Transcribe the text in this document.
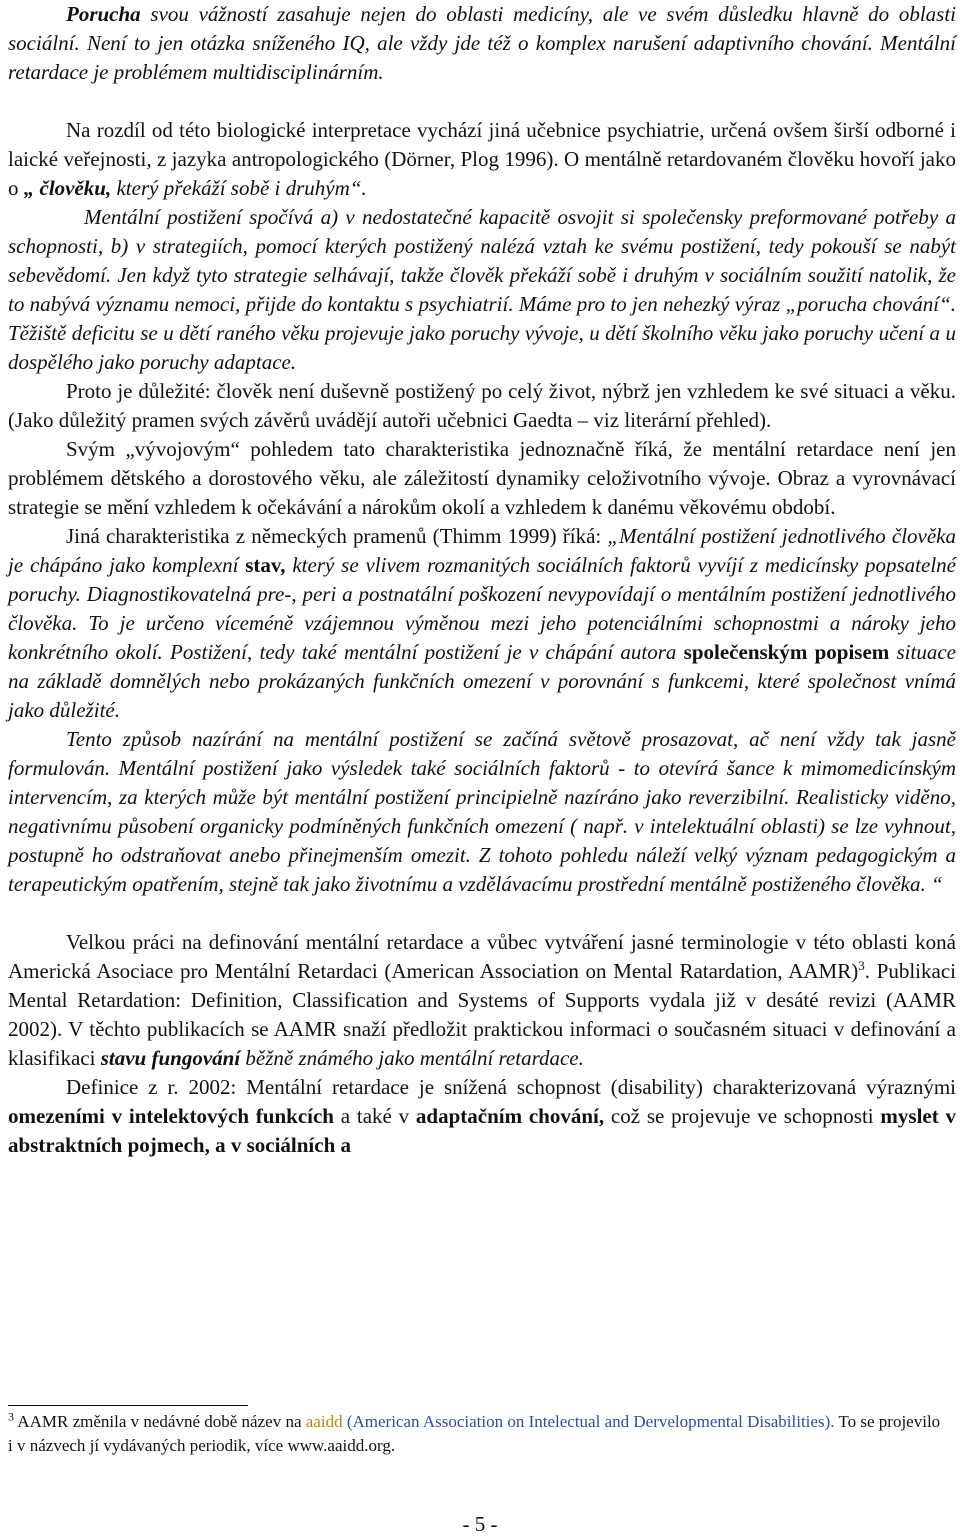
Porucha svou vážností zasahuje nejen do oblasti medicíny, ale ve svém důsledku hlavně do oblasti sociální. Není to jen otázka sníženého IQ, ale vždy jde též o komplex narušení adaptivního chování. Mentální retardace je problémem multidisciplinárním.

Na rozdíl od této biologické interpretace vychází jiná učebnice psychiatrie, určená ovšem širší odborné i laické veřejnosti, z jazyka antropologického (Dörner, Plog 1996). O mentálně retardovaném člověku hovoří jako o „ člověku, který překáží sobě i druhým“.

Mentální postižení spočívá a) v nedostatečné kapacitě osvojit si společensky preformované potřeby a schopnosti, b) v strategiích, pomocí kterých postižený nalézá vztah ke svému postižení, tedy pokouší se nabýt sebevědomí. Jen když tyto strategie selhávají, takže člověk překáží sobě i druhým v sociálním soužití natolik, že to nabývá významu nemoci, přijde do kontaktu s psychiatrií. Máme pro to jen nehezký výraz „porucha chování“. Těžiště deficitu se u dětí raného věku projevuje jako poruchy vývoje, u dětí školního věku jako poruchy učení a u dospělého jako poruchy adaptace.

Proto je důležité: člověk není duševně postižený po celý život, nýbrž jen vzhledem ke své situaci a věku. (Jako důležitý pramen svých závěrů uvádějí autoři učebnici Gaedta – viz literární přehled).

Svým „vývojovým“ pohledem tato charakteristika jednoznačně říká, že mentální retardace není jen problémem dětského a dorostového věku, ale záležitostí dynamiky celoživotního vývoje. Obraz a vyrovnávací strategie se mění vzhledem k očekávání a nárokům okolí a vzhledem k danému věkovému období.

Jiná charakteristika z německých pramenů (Thimm 1999) říká: „Mentální postižení jednotlivého člověka je chápáno jako komplexní stav, který se vlivem rozmanitých sociálních faktorů vyvíjí z medicínsky popsatelné poruchy. Diagnostikovatelná pre-, peri a postnatální poškození nevypovídají o mentálním postižení jednotlivého člověka. To je určeno víceméně vzájemnou výměnou mezi jeho potenciálními schopnostmi a nároky jeho konkrétního okolí. Postižení, tedy také mentální postižení je v chápání autora společenským popisem situace na základě domnělých nebo prokázaných funkčních omezení v porovnání s funkcemi, které společnost vnímá jako důležité.

Tento způsob nazírání na mentální postižení se začíná světově prosazovat, ač není vždy tak jasně formulován. Mentální postižení jako výsledek také sociálních faktorů - to otevírá šance k mimomedicínským intervencím, za kterých může být mentální postižení principielně nazíráno jako reverzibilní. Realisticky viděno, negativnímu působení organicky podmíněných funkčních omezení ( např. v intelektuální oblasti) se lze vyhnout, postupně ho odstraňovat anebo přinejmenším omezit. Z tohoto pohledu náleží velký význam pedagogickým a terapeutickým opatřením, stejně tak jako životnímu a vzdělávacímu prostřední mentálně postiženého člověka. “

Velkou práci na definování mentální retardace a vůbec vytváření jasné terminologie v této oblasti koná Americká Asociace pro Mentální Retardaci (American Association on Mental Ratardation, AAMR)$^3$. Publikaci Mental Retardation: Definition, Classification and Systems of Supports vydala již v desáté revizi (AAMR 2002). V těchto publikacích se AAMR snaží předložit praktickou informaci o současném situaci v definování a klasifikaci stavu fungování běžně známého jako mentální retardace.

Definice z r. 2002: Mentální retardace je snížená schopnost (disability) charakterizovaná výraznými omezeními v intelektových funkcích a také v adaptačním chování, což se projevuje ve schopnosti myslet v abstraktních pojmech, a v sociálních a

$^3$ AAMR změnila v nedávné době název na aaidd (American Association on Intelectual and Dervelopmental Disabilities). To se projevilo i v názvech jí vydávaných periodik, více www.aaidd.org.

- 5 -
